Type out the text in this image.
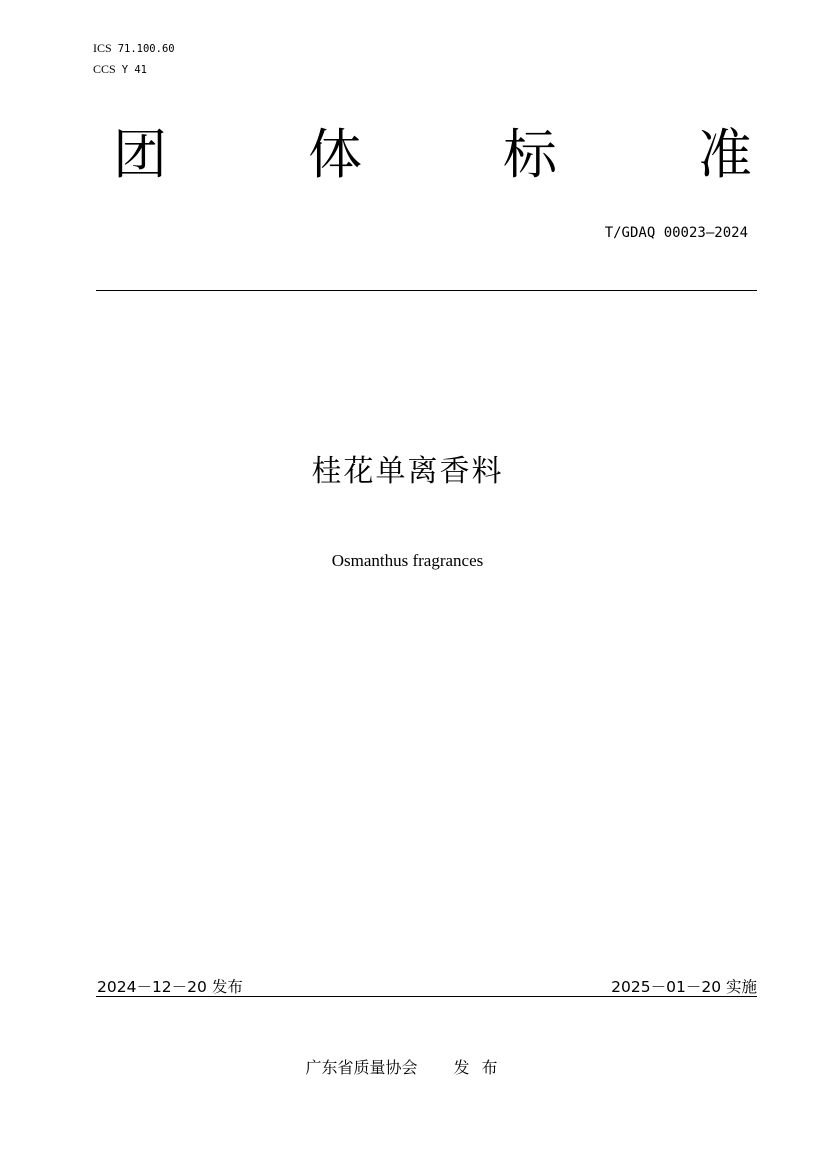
ICS 71.100.60
CCS Y 41
团	体	标	准
T/GDAQ 00023—2024
桂花单离香料
Osmanthus fragrances
2024－12－20 发布	2025－01－20 实施
广东省质量协会 发布
